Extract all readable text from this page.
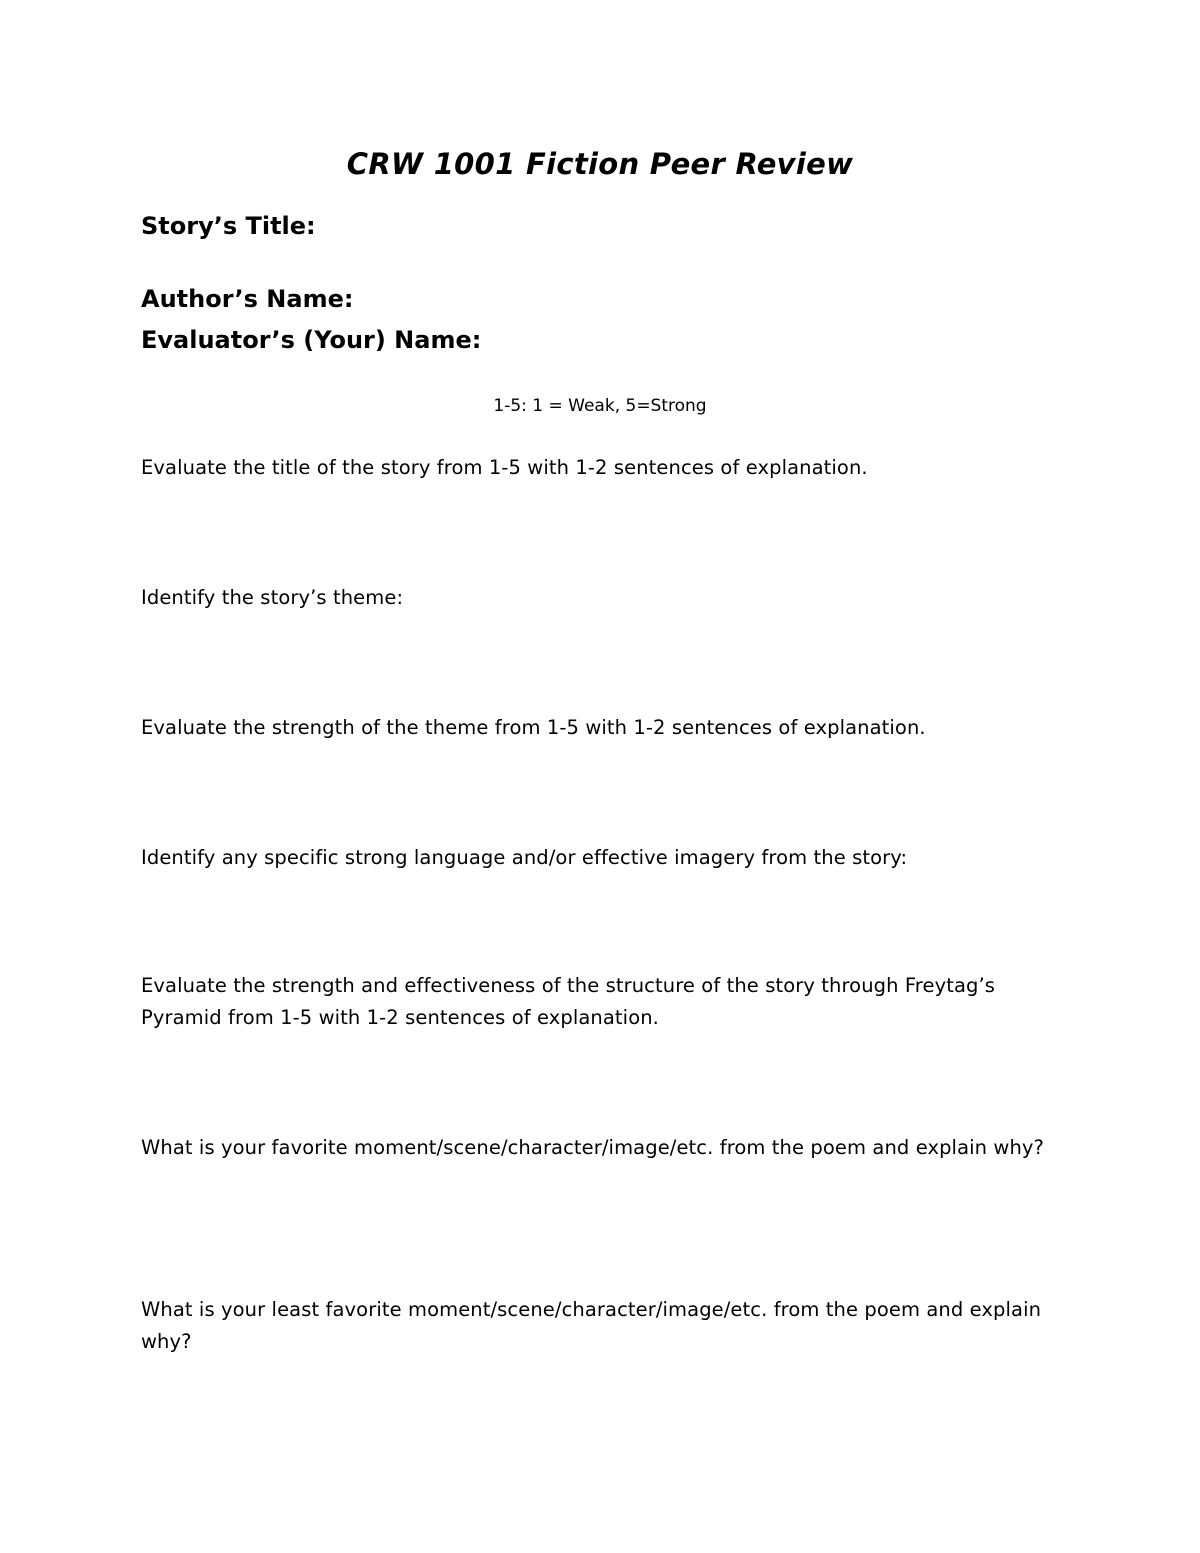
CRW 1001 Fiction Peer Review
Story’s Title:
Author’s Name:
Evaluator’s (Your) Name:
1-5: 1 = Weak, 5=Strong
Evaluate the title of the story from 1-5 with 1-2 sentences of explanation.
Identify the story’s theme:
Evaluate the strength of the theme from 1-5 with 1-2 sentences of explanation.
Identify any specific strong language and/or effective imagery from the story:
Evaluate the strength and effectiveness of the structure of the story through Freytag’s Pyramid from 1-5 with 1-2 sentences of explanation.
What is your favorite moment/scene/character/image/etc. from the poem and explain why?
What is your least favorite moment/scene/character/image/etc. from the poem and explain why?
